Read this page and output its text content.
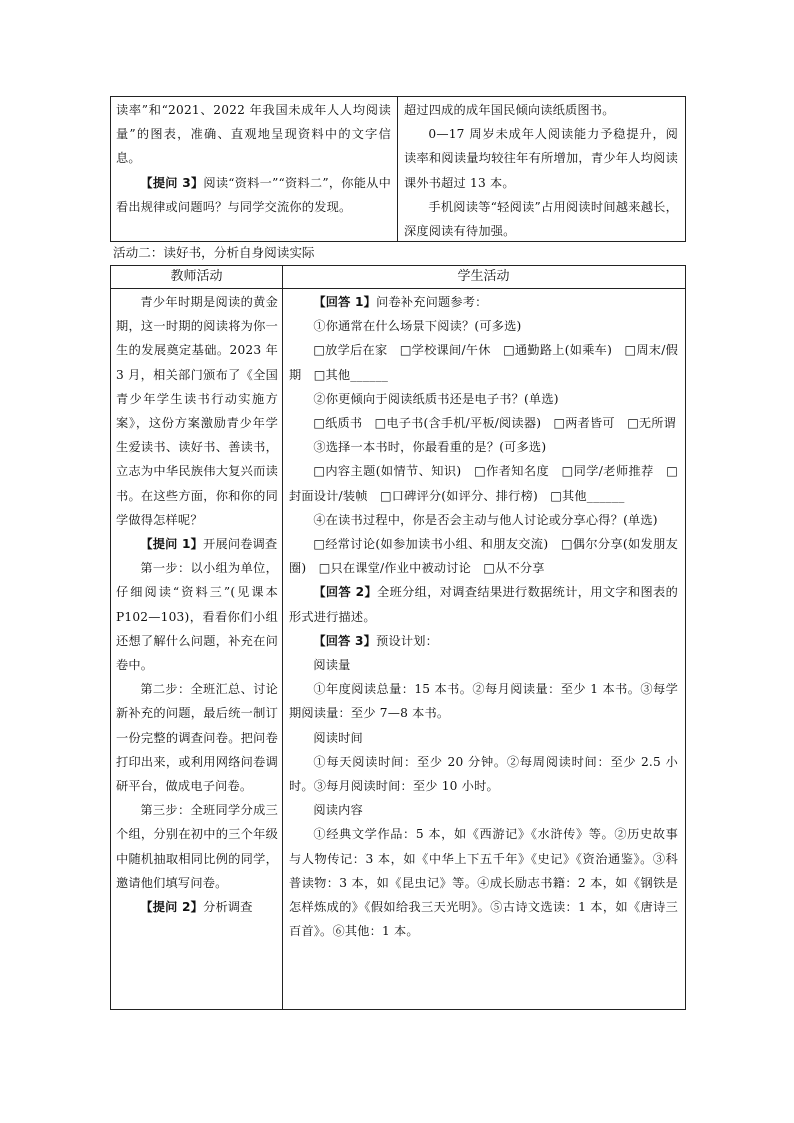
读率”和“2021、2022 年我国未成年人人均阅读量”的图表，准确、直观地呈现资料中的文字信息。

【提问 3】阅读“资料一”“资料二”，你能从中看出规律或问题吗？与同学交流你的发现。

超过四成的成年国民倾向读纸质图书。

0—17 周岁未成年人阅读能力予稳提升，阅读率和阅读量均较往年有所增加，青少年人均阅读课外书超过 13 本。

手机阅读等“轻阅读”占用阅读时间越来越长，深度阅读有待加强。

活动二：读好书，分析自身阅读实际
教师活动	学生活动

青少年时期是阅读的黄金期，这一时期的阅读将为你一生的发展奠定基础。2023 年 3 月，相关部门颁布了《全国青少年学生读书行动实施方案》，这份方案激励青少年学生爱读书、读好书、善读书，立志为中华民族伟大复兴而读书。在这些方面，你和你的同学做得怎样呢？

【提问 1】开展问卷调查

第一步：以小组为单位，仔细阅读“资料三”(见课本 P102—103)，看看你们小组还想了解什么问题，补充在问卷中。

第二步：全班汇总、讨论新补充的问题，最后统一制订一份完整的调查问卷。把问卷打印出来，或利用网络问卷调研平台，做成电子问卷。

第三步：全班同学分成三个组，分别在初中的三个年级中随机抽取相同比例的同学，邀请他们填写问卷。

【提问 2】分析调查

【回答 1】问卷补充问题参考：

①你通常在什么场景下阅读？(可多选)

□放学后在家　□学校课间/午休　□通勤路上(如乘车)　□周末/假期　□其他______

②你更倾向于阅读纸质书还是电子书？(单选)

□纸质书　□电子书(含手机/平板/阅读器)　□两者皆可　□无所谓

③选择一本书时，你最看重的是？(可多选)

□内容主题(如情节、知识)　□作者知名度　□同学/老师推荐　□封面设计/装帧　□口碑评分(如评分、排行榜)　□其他______

④在读书过程中，你是否会主动与他人讨论或分享心得？(单选)

□经常讨论(如参加读书小组、和朋友交流)　□偶尔分享(如发朋友圈)　□只在课堂/作业中被动讨论　□从不分享

【回答 2】全班分组，对调查结果进行数据统计，用文字和图表的形式进行描述。

【回答 3】预设计划：

阅读量

①年度阅读总量：15 本书。②每月阅读量：至少 1 本书。③每学期阅读量：至少 7—8 本书。

阅读时间

①每天阅读时间：至少 20 分钟。②每周阅读时间：至少 2.5 小时。③每月阅读时间：至少 10 小时。

阅读内容

①经典文学作品：5 本，如《西游记》《水浒传》等。②历史故事与人物传记：3 本，如《中华上下五千年》《史记》《资治通鉴》。③科普读物：3 本，如《昆虫记》等。④成长励志书籍：2 本，如《钢铁是怎样炼成的》《假如给我三天光明》。⑤古诗文选读：1 本，如《唐诗三百首》。⑥其他：1 本。
